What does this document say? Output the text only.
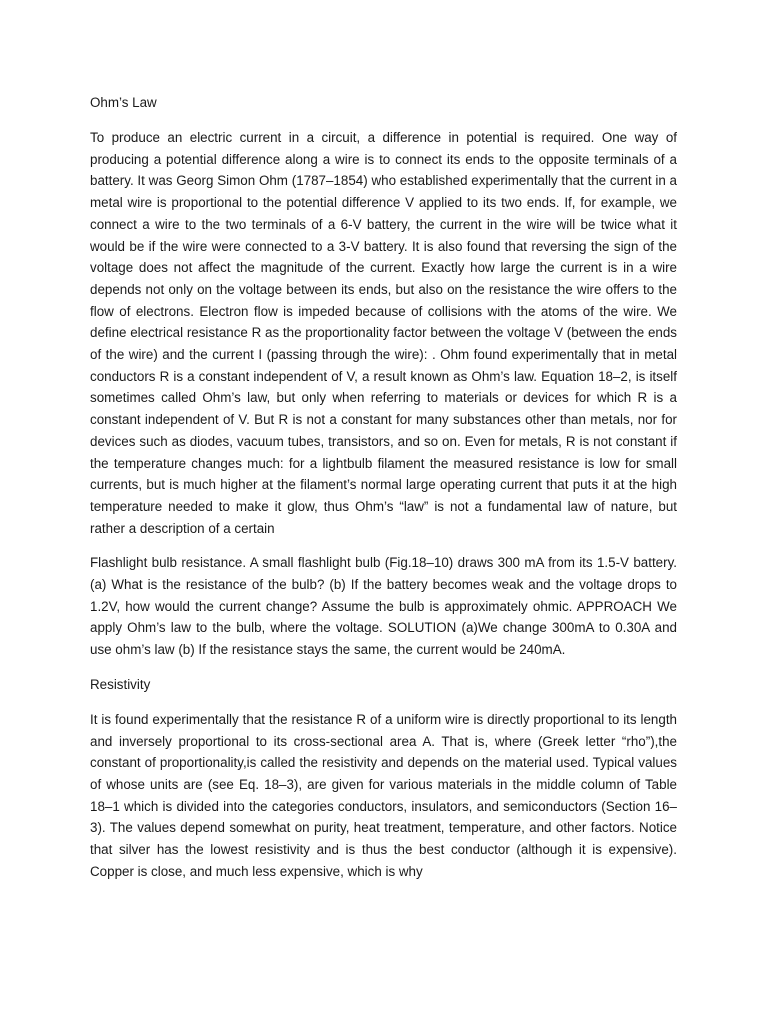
Ohm’s Law

To produce an electric current in a circuit, a difference in potential is required. One way of producing a potential difference along a wire is to connect its ends to the opposite terminals of a battery. It was Georg Simon Ohm (1787–1854) who established experimentally that the current in a metal wire is proportional to the potential difference V applied to its two ends. If, for example, we connect a wire to the two terminals of a 6-V battery, the current in the wire will be twice what it would be if the wire were connected to a 3-V battery. It is also found that reversing the sign of the voltage does not affect the magnitude of the current. Exactly how large the current is in a wire depends not only on the voltage between its ends, but also on the resistance the wire offers to the flow of electrons. Electron flow is impeded because of collisions with the atoms of the wire. We define electrical resistance R as the proportionality factor between the voltage V (between the ends of the wire) and the current I (passing through the wire): . Ohm found experimentally that in metal conductors R is a constant independent of V, a result known as Ohm’s law. Equation 18–2, is itself sometimes called Ohm’s law, but only when referring to materials or devices for which R is a constant independent of V. But R is not a constant for many substances other than metals, nor for devices such as diodes, vacuum tubes, transistors, and so on. Even for metals, R is not constant if the temperature changes much: for a lightbulb filament the measured resistance is low for small currents, but is much higher at the filament’s normal large operating current that puts it at the high temperature needed to make it glow, thus Ohm’s “law” is not a fundamental law of nature, but rather a description of a certain

Flashlight bulb resistance. A small flashlight bulb (Fig.18–10) draws 300 mA from its 1.5-V battery. (a) What is the resistance of the bulb? (b) If the battery becomes weak and the voltage drops to 1.2V, how would the current change? Assume the bulb is approximately ohmic. APPROACH We apply Ohm’s law to the bulb, where the voltage. SOLUTION (a)We change 300mA to 0.30A and use ohm’s law (b) If the resistance stays the same, the current would be 240mA.

Resistivity

It is found experimentally that the resistance R of a uniform wire is directly proportional to its length and inversely proportional to its cross-sectional area A. That is, where (Greek letter “rho”),the constant of proportionality,is called the resistivity and depends on the material used. Typical values of whose units are (see Eq. 18–3), are given for various materials in the middle column of Table 18–1 which is divided into the categories conductors, insulators, and semiconductors (Section 16–3). The values depend somewhat on purity, heat treatment, temperature, and other factors. Notice that silver has the lowest resistivity and is thus the best conductor (although it is expensive). Copper is close, and much less expensive, which is why
